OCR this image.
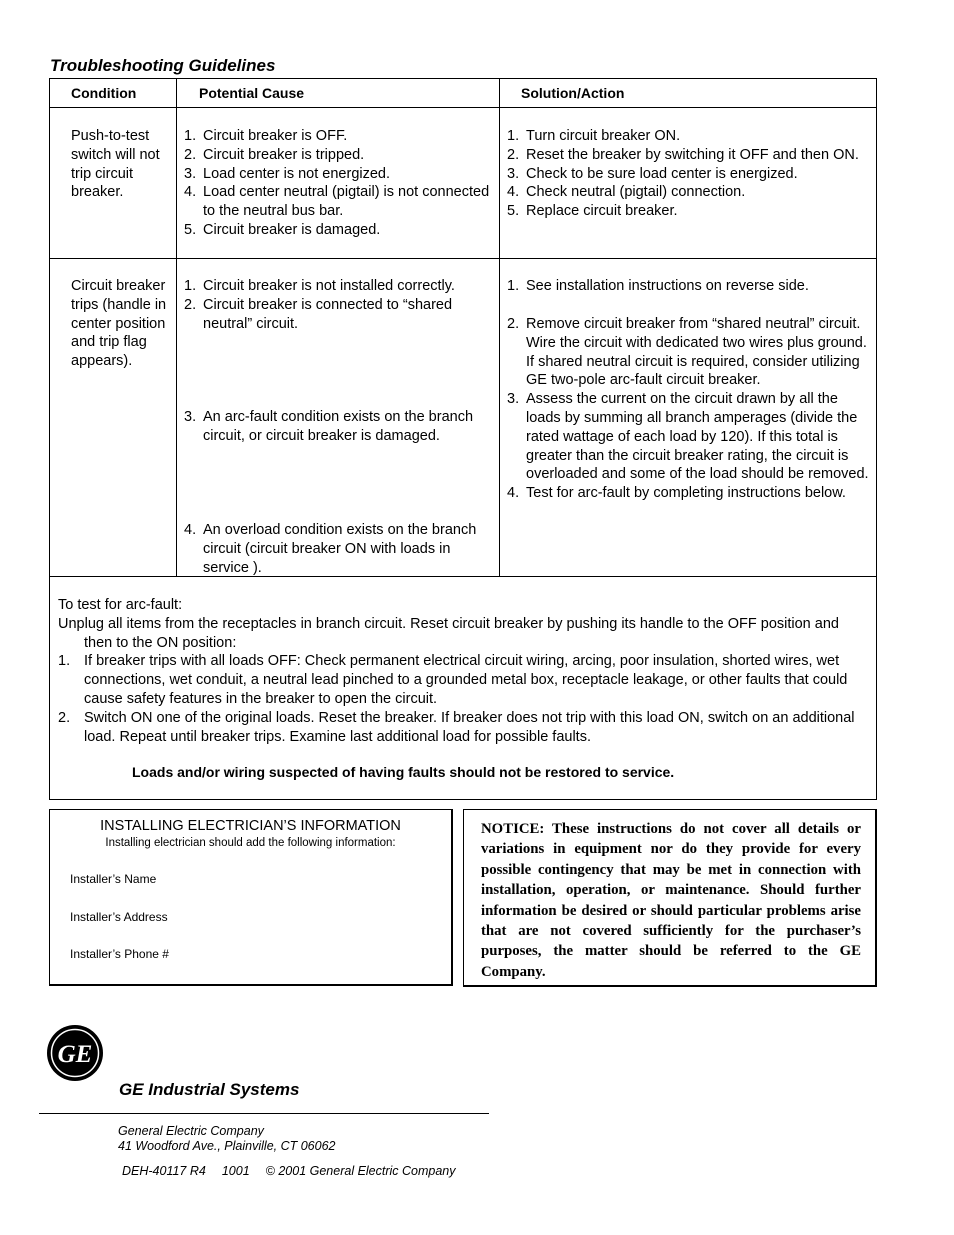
Troubleshooting Guidelines
Condition	Potential Cause	Solution/Action
Push-to-test switch will not trip circuit breaker.
1. Circuit breaker is OFF.
2. Circuit breaker is tripped.
3. Load center is not energized.
4. Load center neutral (pigtail) is not connected to the neutral bus bar.
5. Circuit breaker is damaged.
1. Turn circuit breaker ON.
2. Reset the breaker by switching it OFF and then ON.
3. Check to be sure load center is energized.
4. Check neutral (pigtail) connection.
5. Replace circuit breaker.
Circuit breaker trips (handle in center position and trip flag appears).
1. Circuit breaker is not installed correctly.
2. Circuit breaker is connected to “shared neutral” circuit.
3. An arc-fault condition exists on the branch circuit, or circuit breaker is damaged.
4. An overload condition exists on the branch circuit (circuit breaker ON with loads in service ).
1. See installation instructions on reverse side.
2. Remove circuit breaker from “shared neutral” circuit. Wire the circuit with dedicated two wires plus ground. If shared neutral circuit is required, consider utilizing GE two-pole arc-fault circuit breaker.
3. Assess the current on the circuit drawn by all the loads by summing all branch amperages (divide the rated wattage of each load by 120). If this total is greater than the circuit breaker rating, the circuit is overloaded and some of the load should be removed.
4. Test for arc-fault by completing instructions below.
To test for arc-fault:
Unplug all items from the receptacles in branch circuit. Reset circuit breaker by pushing its handle to the OFF position and then to the ON position:
1. If breaker trips with all loads OFF: Check permanent electrical circuit wiring, arcing, poor insulation, shorted wires, wet connections, wet conduit, a neutral lead pinched to a grounded metal box, receptacle leakage, or other faults that could cause safety features in the breaker to open the circuit.
2. Switch ON one of the original loads. Reset the breaker. If breaker does not trip with this load ON, switch on an additional load. Repeat until breaker trips. Examine last additional load for possible faults.
Loads and/or wiring suspected of having faults should not be restored to service.
INSTALLING ELECTRICIAN’S INFORMATION
Installing electrician should add the following information:
Installer’s Name
Installer’s Address
Installer’s Phone #
NOTICE: These instructions do not cover all details or variations in equipment nor do they provide for every possible contingency that may be met in connection with installation, operation, or maintenance. Should further information be desired or should particular problems arise that are not covered sufficiently for the purchaser’s purposes, the matter should be referred to the GE Company.
GE
GE Industrial Systems
General Electric Company
41 Woodford Ave., Plainville, CT 06062
DEH-40117 R4 1001 © 2001 General Electric Company
